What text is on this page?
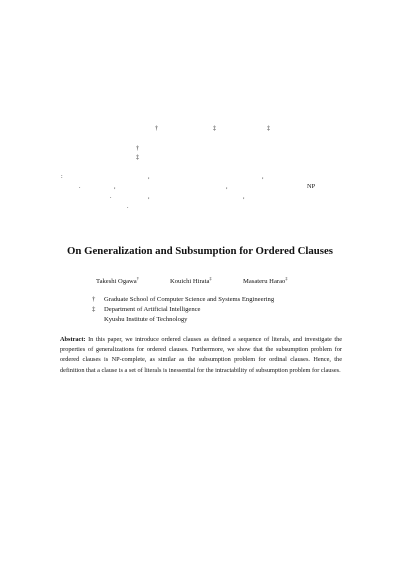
†	‡	‡
†
‡
:	,	,
.	,	,	NP
.	,	,
.
On Generalization and Subsumption for Ordered Clauses
Takeshi Ogawa†	Kouichi Hirata‡	Masateru Harao‡
† Graduate School of Computer Science and Systems Engineering
‡ Department of Artificial Intelligence
Kyushu Institute of Technology
Abstract: In this paper, we introduce ordered clauses as defined a sequence of literals, and investigate the properties of generalizations for ordered clauses. Furthermore, we show that the subsumption problem for ordered clauses is NP-complete, as similar as the subsumption problem for ordinal clauses. Hence, the definition that a clause is a set of literals is inessential for the intractability of subsumption problem for clauses.
